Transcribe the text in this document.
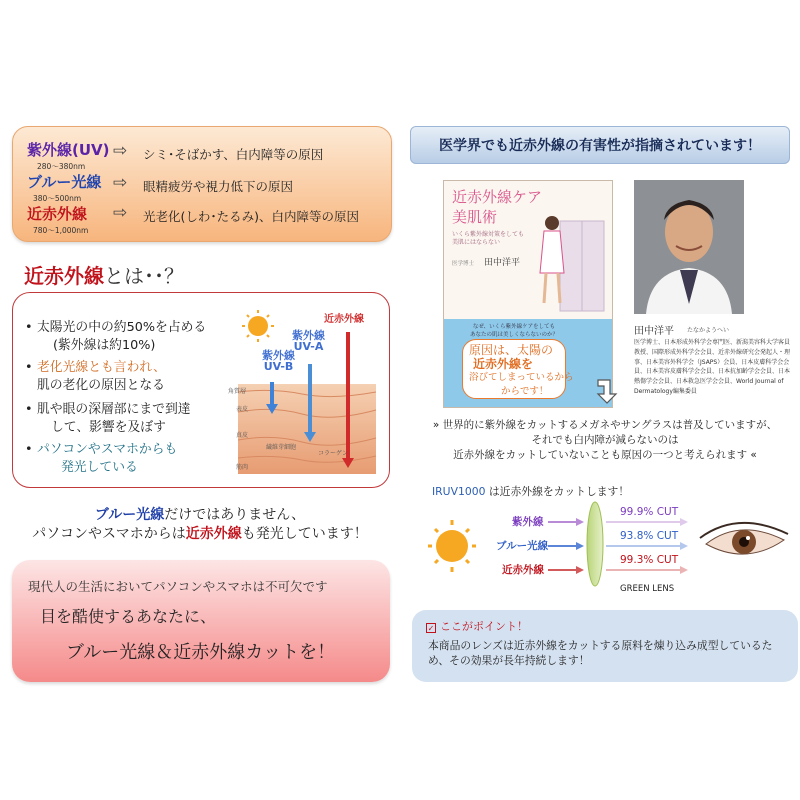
紫外線(UV)
280～380nm
⇨ シミ･そばかす、白内障等の原因
ブルー光線
380～500nm
⇨ 眼精疲労や視力低下の原因
近赤外線
780～1,000nm
⇨ 光老化(しわ･たるみ)、白内障等の原因
近赤外線とは･･？
• 太陽光の中の約50%を占める
(紫外線は約10%)
• 老化光線とも言われ、
肌の老化の原因となる
• 肌や眼の深層部にまで到達
して、影響を及ぼす
• パソコンやスマホからも
発光している
紫外線
UV-B
紫外線
UV-A
近赤外線
角質層
表皮
真皮
筋肉
繊維芽細胞
コラーゲン
ブルー光線だけではありません、
パソコンやスマホからは近赤外線も発光しています！
現代人の生活においてパソコンやスマホは不可欠です
目を酷使するあなたに、
ブルー光線＆近赤外線カットを！
医学界でも近赤外線の有害性が指摘されています！
近赤外線ケア
美肌術
いくら紫外線対策をしても
美肌にはならない
医学博士 田中洋平
なぜ、いくら紫外線ケアをしても
あなたの肌は美しくならないのか？
原因は、太陽の
近赤外線を
浴びてしまっているから
からです！
田中洋平 たなかようへい
医学博士、日本形成外科学会専門医、新潟美容科大学客員教授、国際形成外科学会会員、近赤外線研究会発起人・理事、日本美容外科学会（JSAPS）会員、日本皮膚科学会会員、日本美容皮膚科学会会員、日本抗加齢学会会員、日本熱傷学会会員、日本救急医学会会員、World Journal of Dermatology編集委員
» 世界的に紫外線をカットするメガネやサングラスは普及していますが、
それでも白内障が減らないのは
近赤外線をカットしていないことも原因の一つと考えられます «
IRUV1000 は近赤外線をカットします！
紫外線
ブルー光線
近赤外線
99.9% CUT
93.8% CUT
99.3% CUT
GREEN LENS
✓ ここがポイント！
本商品のレンズは近赤外線をカットする原料を煉り込み成型しているため、その効果が長年持続します！
